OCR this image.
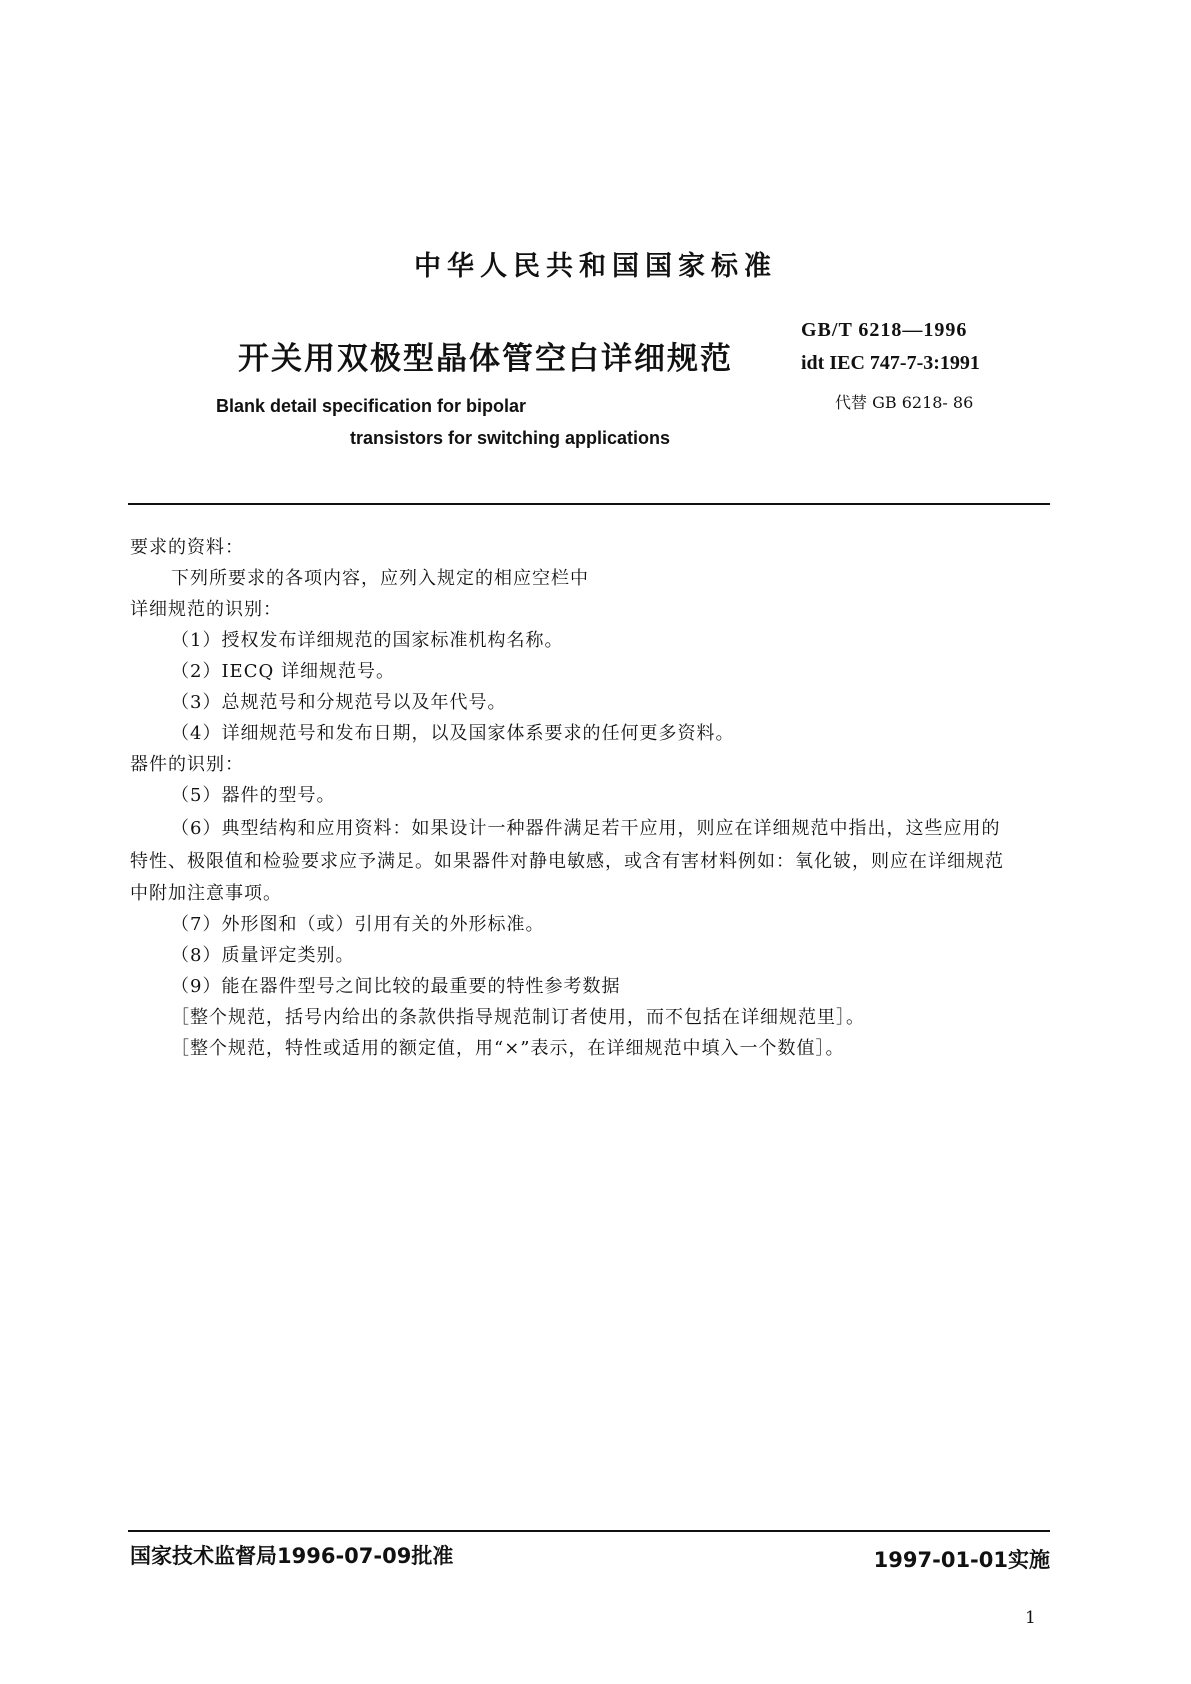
中华人民共和国国家标准
开关用双极型晶体管空白详细规范
GB/T 6218—1996
idt IEC 747-7-3:1991
代替 GB 6218- 86
Blank detail specification for bipolar
transistors for switching applications
要求的资料：
下列所要求的各项内容，应列入规定的相应空栏中
详细规范的识别：
（1）授权发布详细规范的国家标准机构名称。
（2）IECQ 详细规范号。
（3）总规范号和分规范号以及年代号。
（4）详细规范号和发布日期，以及国家体系要求的任何更多资料。
器件的识别：
（5）器件的型号。
（6）典型结构和应用资料：如果设计一种器件满足若干应用，则应在详细规范中指出，这些应用的
特性、极限值和检验要求应予满足。如果器件对静电敏感，或含有害材料例如：氧化铍，则应在详细规范
中附加注意事项。
（7）外形图和（或）引用有关的外形标准。
（8）质量评定类别。
（9）能在器件型号之间比较的最重要的特性参考数据
［整个规范，括号内给出的条款供指导规范制订者使用，而不包括在详细规范里］。
［整个规范，特性或适用的额定值，用“×”表示，在详细规范中填入一个数值］。
国家技术监督局1996-07-09批准	1997-01-01实施
1
